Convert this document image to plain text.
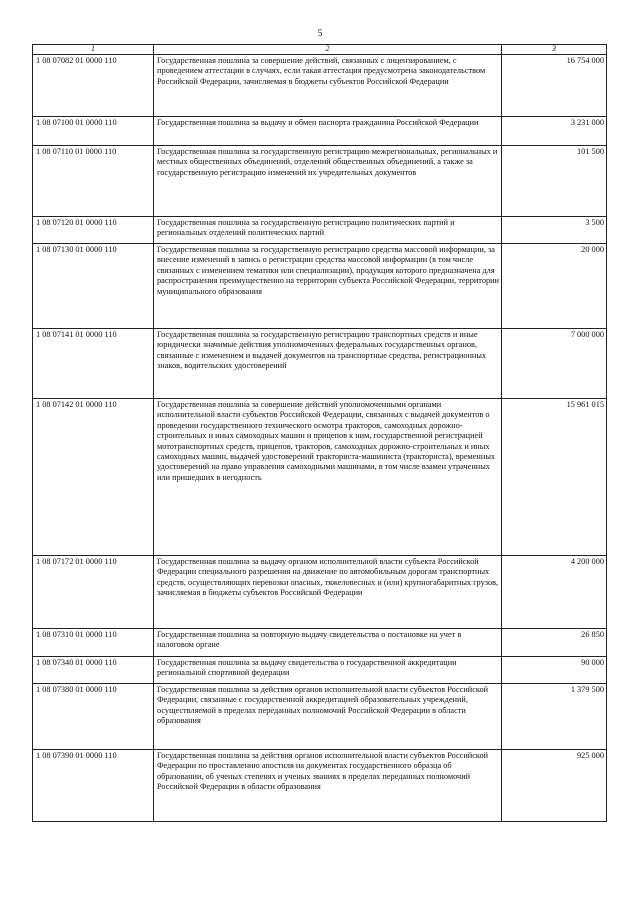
5
1	2	3
1 08 07082 01 0000 110	Государственная пошлина за совершение действий, связанных с лицензированием, с проведением аттестации в случаях, если такая аттестация предусмотрена законодательством Российской Федерации, зачисляемая в бюджеты субъектов Российской Федерации	16 754 000
1 08 07100 01 0000 110	Государственная пошлина за выдачу и обмен паспорта гражданина Российской Федерации	3 231 000
1 08 07110 01 0000 110	Государственная пошлина за государственную регистрацию межрегиональных, региональных и местных общественных объединений, отделений общественных объединений, а также за государственную регистрацию изменений их учредительных документов	101 500
1 08 07120 01 0000 110	Государственная пошлина за государственную регистрацию политических партий и региональных отделений политических партий	3 500
1 08 07130 01 0000 110	Государственная пошлина за государственную регистрацию средства массовой информации, за внесение изменений в запись о регистрации средства массовой информации (в том числе связанных с изменением тематики или специализации), продукция которого предназначена для распространения преимущественно на территории субъекта Российской Федерации, территории муниципального образования	20 000
1 08 07141 01 0000 110	Государственная пошлина за государственную регистрацию транспортных средств и иные юридически значимые действия уполномоченных федеральных государственных органов, связанные с изменением и выдачей документов на транспортные средства, регистрационных знаков, водительских удостоверений	7 000 000
1 08 07142 01 0000 110	Государственная пошлина за совершение действий уполномоченными органами исполнительной власти субъектов Российской Федерации, связанных с выдачей документов о проведении государственного технического осмотра тракторов, самоходных дорожно-строительных и иных самоходных машин и прицепов к ним, государственной регистрацией мототранспортных средств, прицепов, тракторов, самоходных дорожно-строительных и иных самоходных машин, выдачей удостоверений тракториста-машиниста (тракториста), временных удостоверений на право управления самоходными машинами, в том числе взамен утраченных или пришедших в негодность	15 961 015
1 08 07172 01 0000 110	Государственная пошлина за выдачу органом исполнительной власти субъекта Российской Федерации специального разрешения на движение по автомобильным дорогам транспортных средств, осуществляющих перевозки опасных, тяжеловесных и (или) крупногабаритных грузов, зачисляемая в бюджеты субъектов Российской Федерации	4 200 000
1 08 07310 01 0000 110	Государственная пошлина за повторную выдачу свидетельства о постановке на учет в налоговом органе	26 850
1 08 07340 01 0000 110	Государственная пошлина за выдачу свидетельства о государственной аккредитации региональной спортивной федерации	90 000
1 08 07380 01 0000 110	Государственная пошлина за действия органов исполнительной власти субъектов Российской Федерации, связанные с государственной аккредитацией образовательных учреждений, осуществляемой в пределах переданных полномочий Российской Федерации в области образования	1 379 500
1 08 07390 01 0000 110	Государственная пошлина за действия органов исполнительной власти субъектов Российской Федерации по проставлению апостиля на документах государственного образца об образовании, об ученых степенях и ученых званиях в пределах переданных полномочий Российской Федерации в области образования	925 000
